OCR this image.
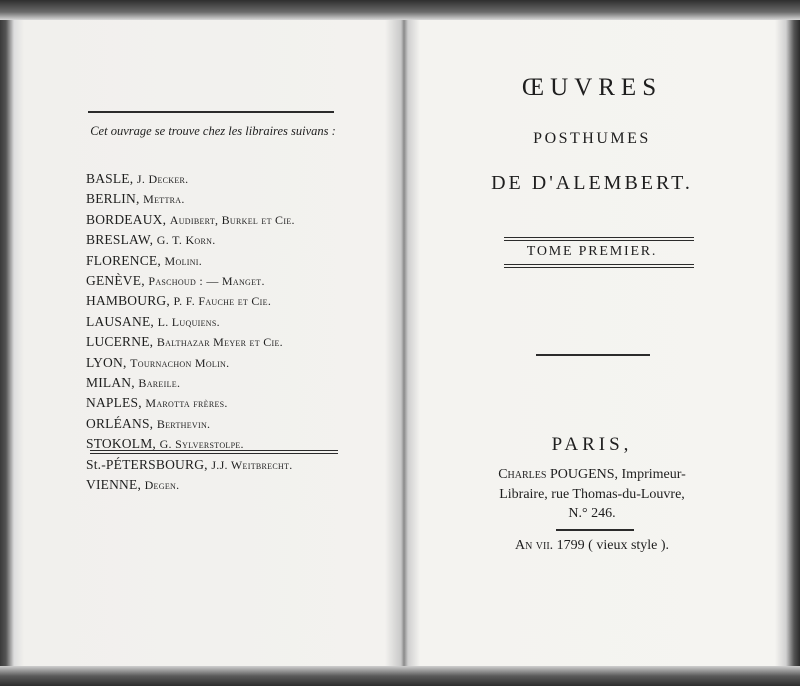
Cet ouvrage se trouve chez les libraires suivans :
BASLE, J. Decker.
BERLIN, Mettra.
BORDEAUX, Audibert, Burkel et Cie.
BRESLAW, G. T. Korn.
FLORENCE, Molini.
GENÈVE, Paschoud : — Manget.
HAMBOURG, P. F. Fauche et Cie.
LAUSANE, L. Luquiens.
LUCERNE, Balthazar Meyer et Cie.
LYON, Tournachon Molin.
MILAN, Bareile.
NAPLES, Marotta frères.
ORLÉANS, Berthevin.
STOKOLM, G. Sylverstolpe.
St.-PÉTERSBOURG, J.J. Weitbrecht.
VIENNE, Degen.
ŒUVRES
POSTHUMES
DE D'ALEMBERT.
TOME PREMIER.
PARIS,
Charles POUGENS, Imprimeur-
Libraire, rue Thomas-du-Louvre,
N.° 246.
An vii. 1799 ( vieux style ).
